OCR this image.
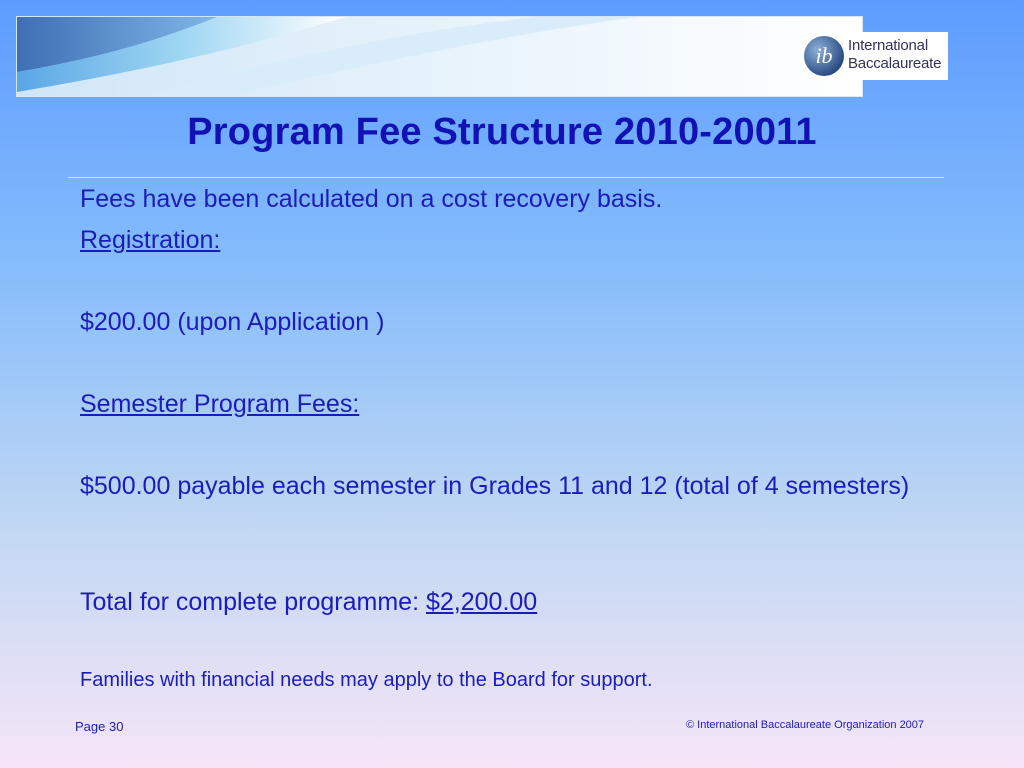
ib International
Baccalaureate
Program Fee Structure 2010-20011
Fees have been calculated on a cost recovery basis.
Registration:
$200.00 (upon Application )
Semester Program Fees:
$500.00 payable each semester in Grades 11 and 12 (total of 4 semesters)
Total for complete programme: $2,200.00
Families with financial needs may apply to the Board for support.
Page 30	© International Baccalaureate Organization 2007
